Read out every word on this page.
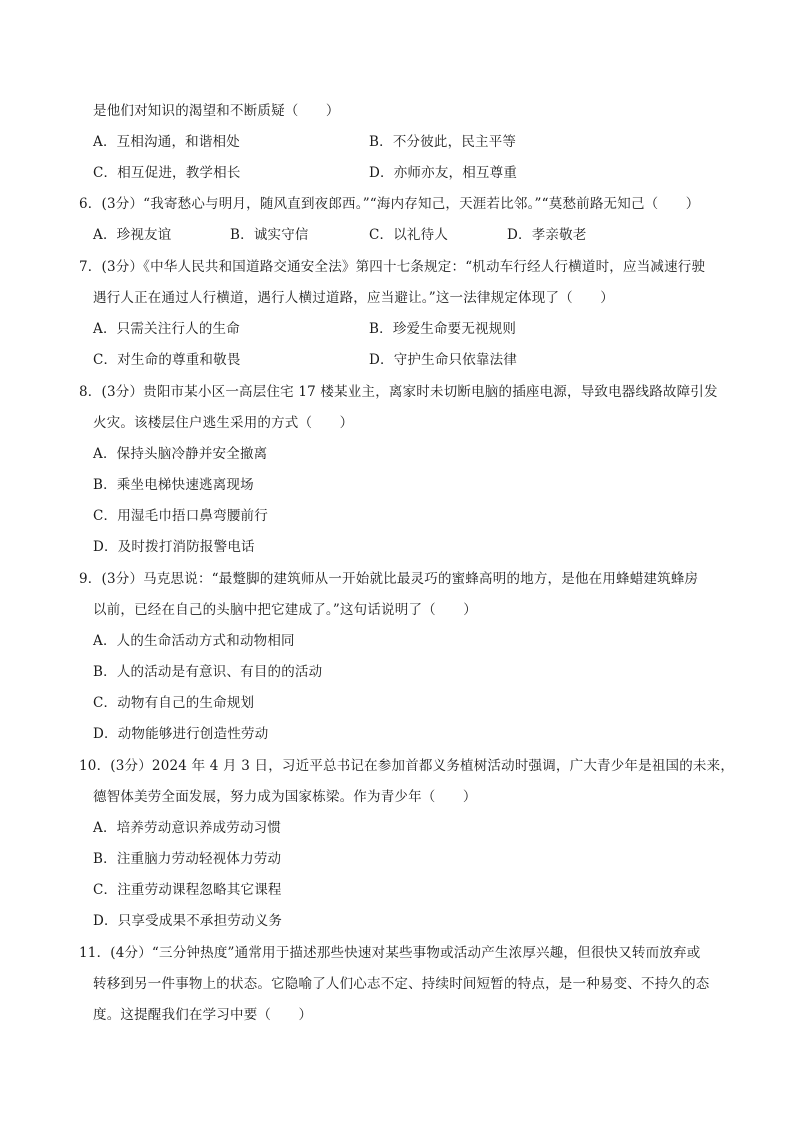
是他们对知识的渴望和不断质疑（　　）
A．互相沟通，和谐相处	B．不分彼此，民主平等
C．相互促进，教学相长	D．亦师亦友，相互尊重
6．(3分）“我寄愁心与明月，随风直到夜郎西。”“海内存知己，天涯若比邻。”“莫愁前路无知己（　　）
A．珍视友谊	B．诚实守信	C．以礼待人	D．孝亲敬老
7．(3分）《中华人民共和国道路交通安全法》第四十七条规定：“机动车行经人行横道时，应当减速行驶
遇行人正在通过人行横道，遇行人横过道路，应当避让。”这一法律规定体现了（　　）
A．只需关注行人的生命	B．珍爱生命要无视规则
C．对生命的尊重和敬畏	D．守护生命只依靠法律
8．(3分）贵阳市某小区一高层住宅 17 楼某业主，离家时未切断电脑的插座电源，导致电器线路故障引发
火灾。该楼层住户逃生采用的方式（　　）
A．保持头脑冷静并安全撤离
B．乘坐电梯快速逃离现场
C．用湿毛巾捂口鼻弯腰前行
D．及时拨打消防报警电话
9．(3分）马克思说：“最蹩脚的建筑师从一开始就比最灵巧的蜜蜂高明的地方，是他在用蜂蜡建筑蜂房
以前，已经在自己的头脑中把它建成了。”这句话说明了（　　）
A．人的生命活动方式和动物相同
B．人的活动是有意识、有目的的活动
C．动物有自己的生命规划
D．动物能够进行创造性劳动
10．(3分）2024 年 4 月 3 日，习近平总书记在参加首都义务植树活动时强调，广大青少年是祖国的未来，
德智体美劳全面发展，努力成为国家栋梁。作为青少年（　　）
A．培养劳动意识养成劳动习惯
B．注重脑力劳动轻视体力劳动
C．注重劳动课程忽略其它课程
D．只享受成果不承担劳动义务
11．(4分）“三分钟热度”通常用于描述那些快速对某些事物或活动产生浓厚兴趣，但很快又转而放弃或
转移到另一件事物上的状态。它隐喻了人们心志不定、持续时间短暂的特点，是一种易变、不持久的态
度。这提醒我们在学习中要（　　）
